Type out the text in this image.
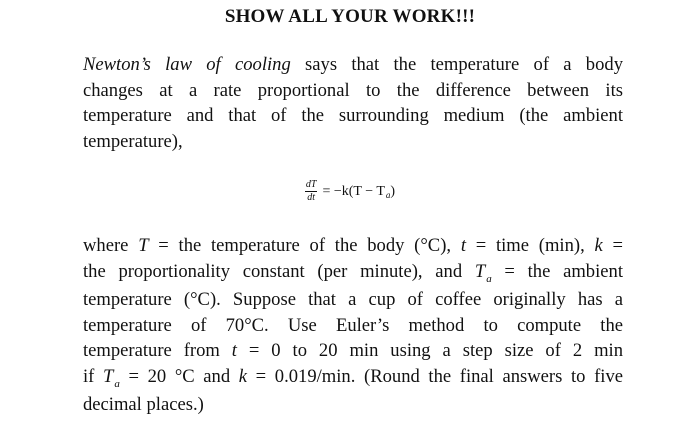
SHOW ALL YOUR WORK!!!
Newton’s law of cooling says that the temperature of a body
changes at a rate proportional to the difference between its
temperature and that of the surrounding medium (the ambient
temperature),
$\frac{dT}{dt} = -k(T - T_a)$
where T = the temperature of the body (°C), t = time (min), k =
the proportionality constant (per minute), and $T_a$ = the ambient
temperature (°C). Suppose that a cup of coffee originally has a
temperature of 70°C. Use Euler’s method to compute the
temperature from t = 0 to 20 min using a step size of 2 min
if $T_a = 20$ °C and k = 0.019/min. (Round the final answers to five
decimal places.)
